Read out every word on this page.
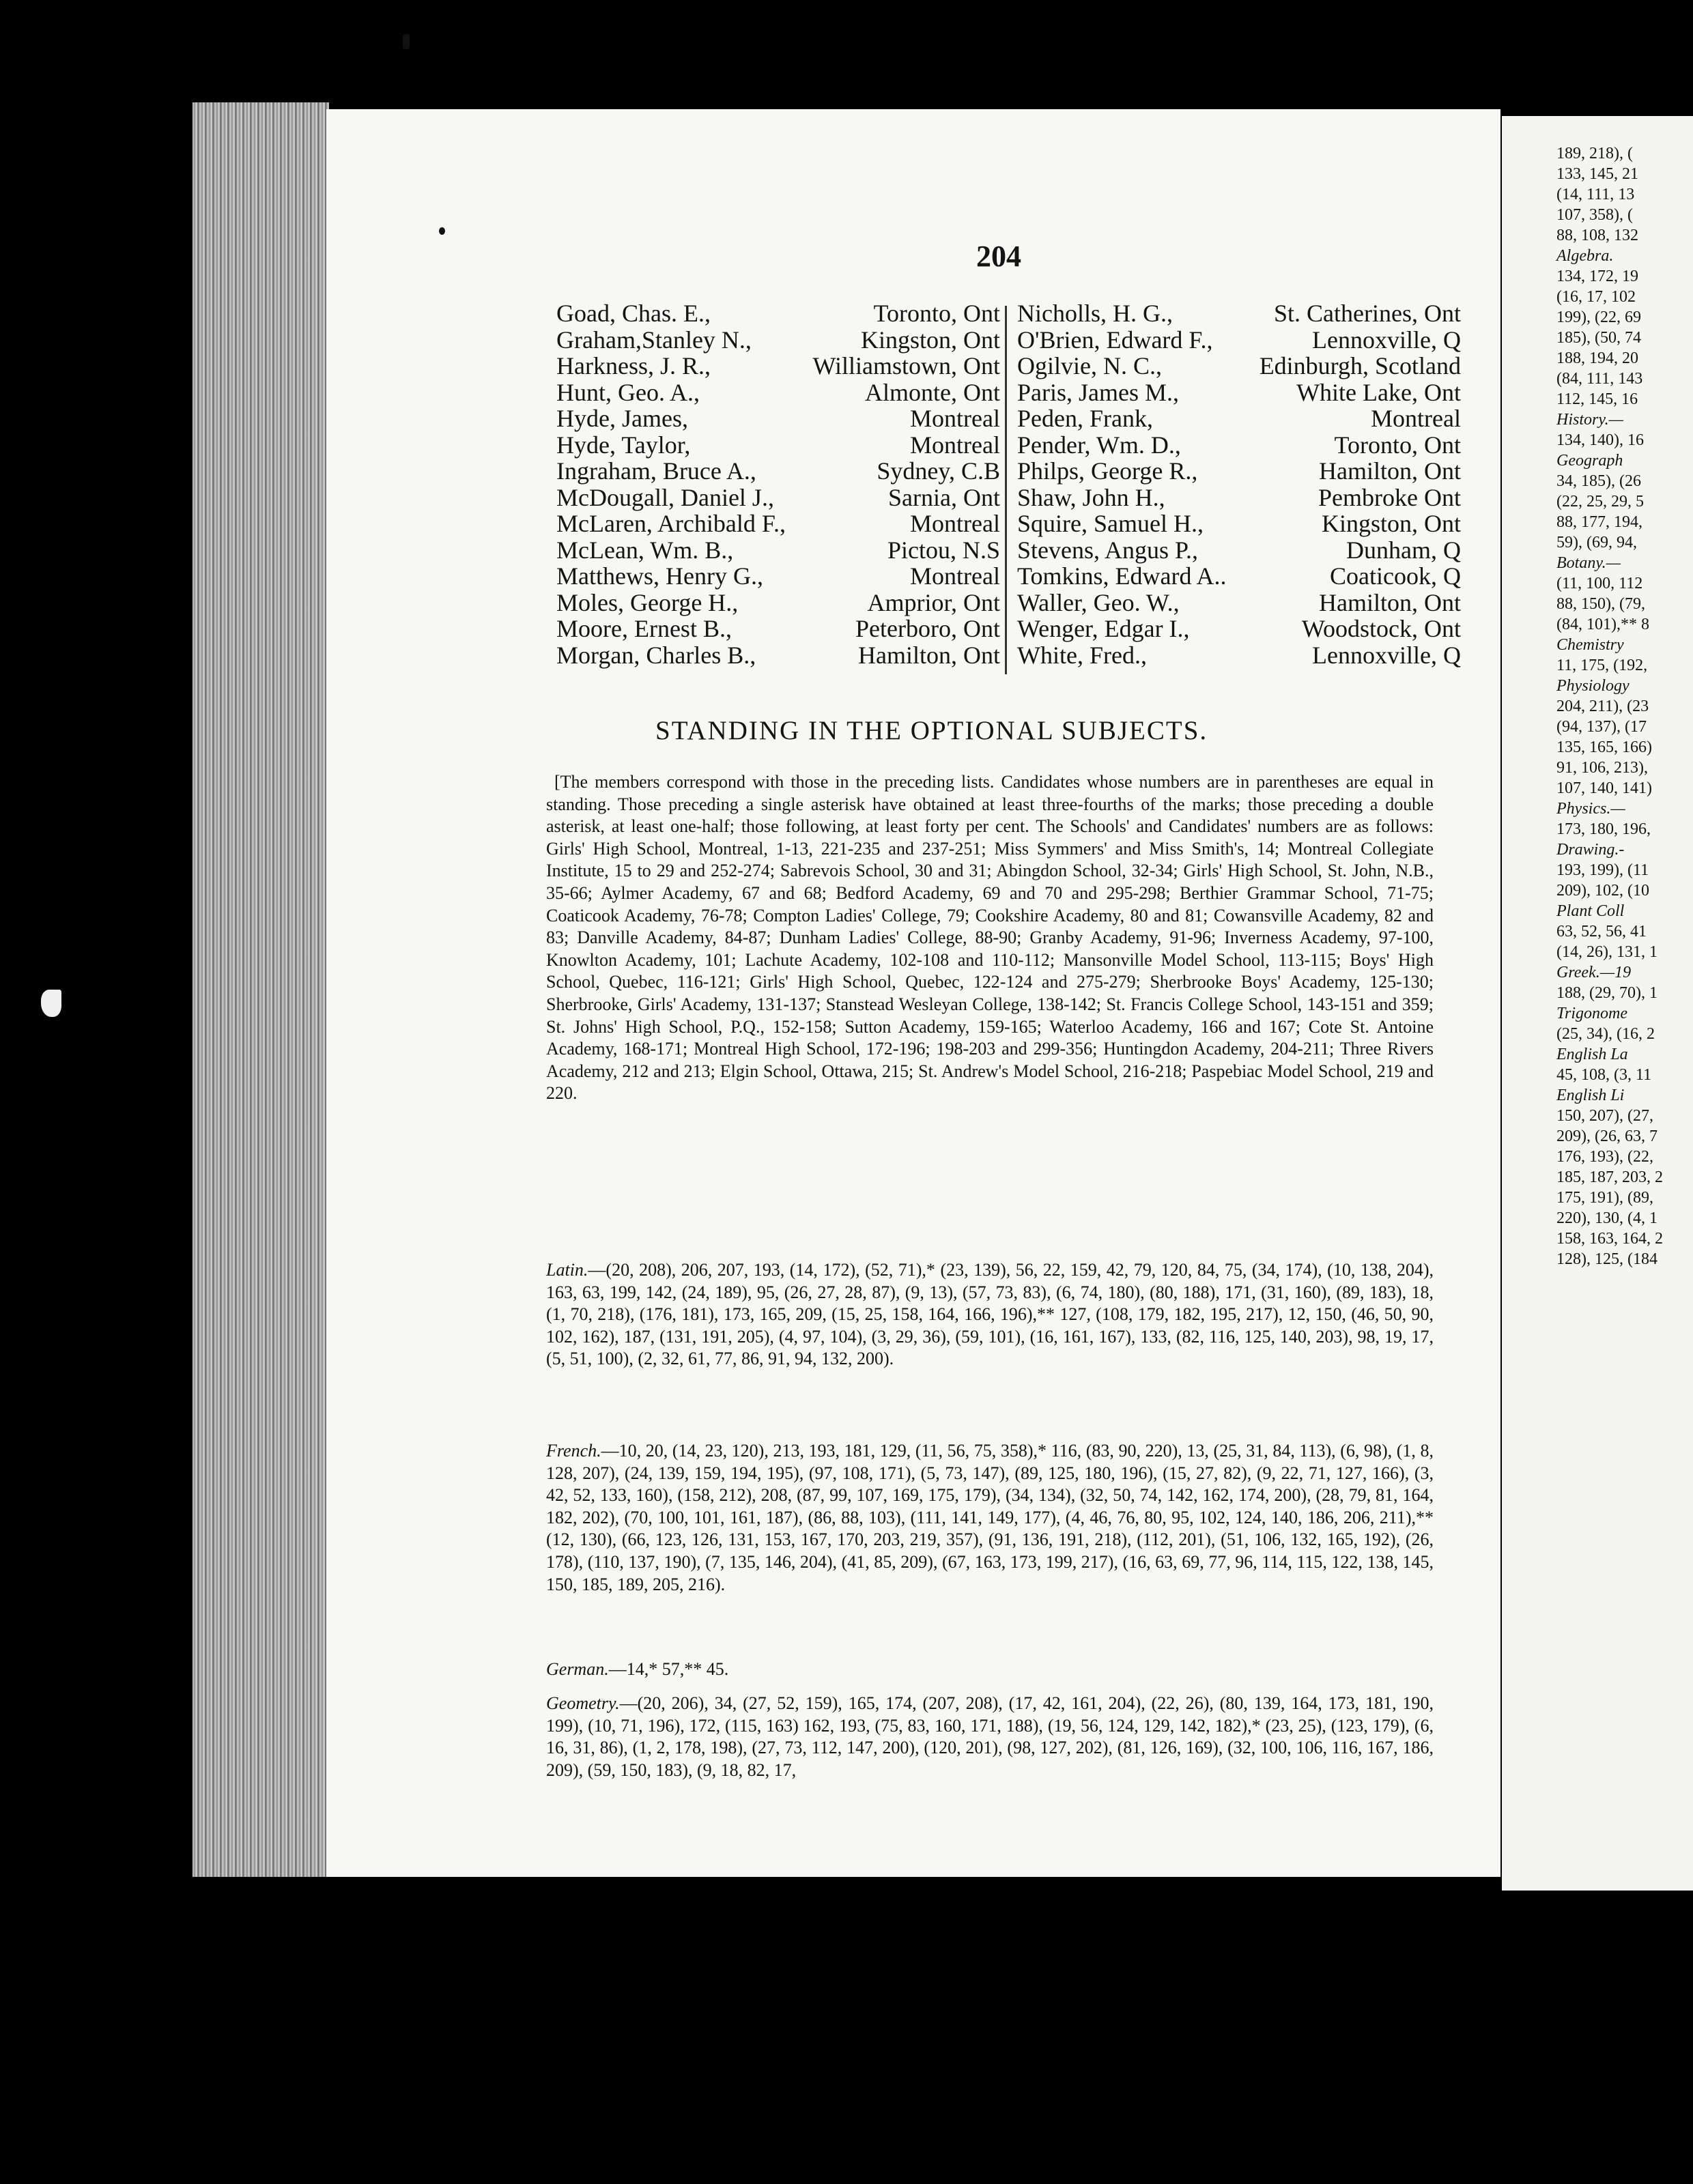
189, 218), (
133, 145, 21
(14, 111, 13
107, 358), (
88, 108, 132
Algebra.
134, 172, 19
(16, 17, 102
199), (22, 69
185), (50, 74
188, 194, 20
(84, 111, 143
112, 145, 16
History.—
134, 140), 16
Geograph
34, 185), (26
(22, 25, 29, 5
88, 177, 194,
59), (69, 94,
Botany.—
(11, 100, 112
88, 150), (79,
(84, 101),** 8
Chemistry
11, 175, (192,
Physiology
204, 211), (23
(94, 137), (17
135, 165, 166)
91, 106, 213),
107, 140, 141)
Physics.—
173, 180, 196,
Drawing.-
193, 199), (11
209), 102, (10
Plant Coll
63, 52, 56, 41
(14, 26), 131, 1
Greek.—19
188, (29, 70), 1
Trigonome
(25, 34), (16, 2
English La
45, 108, (3, 11
English Li
150, 207), (27,
209), (26, 63, 7
176, 193), (22,
185, 187, 203, 2
175, 191), (89,
220), 130, (4, 1
158, 163, 164, 2
128), 125, (184
204
Goad, Chas. E.,	Toronto, Ont
Graham,Stanley N.,	Kingston, Ont
Harkness, J. R.,	Williamstown, Ont
Hunt, Geo. A.,	Almonte, Ont
Hyde, James,	Montreal
Hyde, Taylor,	Montreal
Ingraham, Bruce A.,	Sydney, C.B
McDougall, Daniel J.,	Sarnia, Ont
McLaren, Archibald F.,	Montreal
McLean, Wm. B.,	Pictou, N.S
Matthews, Henry G.,	Montreal
Moles, George H.,	Amprior, Ont
Moore, Ernest B.,	Peterboro, Ont
Morgan, Charles B.,	Hamilton, Ont
Nicholls, H. G.,	St. Catherines, Ont
O'Brien, Edward F.,	Lennoxville, Q
Ogilvie, N. C.,	Edinburgh, Scotland
Paris, James M.,	White Lake, Ont
Peden, Frank,	Montreal
Pender, Wm. D.,	Toronto, Ont
Philps, George R.,	Hamilton, Ont
Shaw, John H.,	Pembroke Ont
Squire, Samuel H.,	Kingston, Ont
Stevens, Angus P.,	Dunham, Q
Tomkins, Edward A..	Coaticook, Q
Waller, Geo. W.,	Hamilton, Ont
Wenger, Edgar I.,	Woodstock, Ont
White, Fred.,	Lennoxville, Q
STANDING IN THE OPTIONAL SUBJECTS.
[The members correspond with those in the preceding lists. Candidates whose numbers are in parentheses are equal in standing. Those preceding a single asterisk have obtained at least three-fourths of the marks; those preceding a double asterisk, at least one-half; those following, at least forty per cent. The Schools' and Candidates' numbers are as follows: Girls' High School, Montreal, 1-13, 221-235 and 237-251; Miss Symmers' and Miss Smith's, 14; Montreal Collegiate Institute, 15 to 29 and 252-274; Sabrevois School, 30 and 31; Abingdon School, 32-34; Girls' High School, St. John, N.B., 35-66; Aylmer Academy, 67 and 68; Bedford Academy, 69 and 70 and 295-298; Berthier Grammar School, 71-75; Coaticook Academy, 76-78; Compton Ladies' College, 79; Cookshire Academy, 80 and 81; Cowansville Academy, 82 and 83; Danville Academy, 84-87; Dunham Ladies' College, 88-90; Granby Academy, 91-96; Inverness Academy, 97-100, Knowlton Academy, 101; Lachute Academy, 102-108 and 110-112; Mansonville Model School, 113-115; Boys' High School, Quebec, 116-121; Girls' High School, Quebec, 122-124 and 275-279; Sherbrooke Boys' Academy, 125-130; Sherbrooke, Girls' Academy, 131-137; Stanstead Wesleyan College, 138-142; St. Francis College School, 143-151 and 359; St. Johns' High School, P.Q., 152-158; Sutton Academy, 159-165; Waterloo Academy, 166 and 167; Cote St. Antoine Academy, 168-171; Montreal High School, 172-196; 198-203 and 299-356; Huntingdon Academy, 204-211; Three Rivers Academy, 212 and 213; Elgin School, Ottawa, 215; St. Andrew's Model School, 216-218; Paspebiac Model School, 219 and 220.

Latin.—(20, 208), 206, 207, 193, (14, 172), (52, 71),* (23, 139), 56, 22, 159, 42, 79, 120, 84, 75, (34, 174), (10, 138, 204), 163, 63, 199, 142, (24, 189), 95, (26, 27, 28, 87), (9, 13), (57, 73, 83), (6, 74, 180), (80, 188), 171, (31, 160), (89, 183), 18, (1, 70, 218), (176, 181), 173, 165, 209, (15, 25, 158, 164, 166, 196),** 127, (108, 179, 182, 195, 217), 12, 150, (46, 50, 90, 102, 162), 187, (131, 191, 205), (4, 97, 104), (3, 29, 36), (59, 101), (16, 161, 167), 133, (82, 116, 125, 140, 203), 98, 19, 17, (5, 51, 100), (2, 32, 61, 77, 86, 91, 94, 132, 200).

French.—10, 20, (14, 23, 120), 213, 193, 181, 129, (11, 56, 75, 358),* 116, (83, 90, 220), 13, (25, 31, 84, 113), (6, 98), (1, 8, 128, 207), (24, 139, 159, 194, 195), (97, 108, 171), (5, 73, 147), (89, 125, 180, 196), (15, 27, 82), (9, 22, 71, 127, 166), (3, 42, 52, 133, 160), (158, 212), 208, (87, 99, 107, 169, 175, 179), (34, 134), (32, 50, 74, 142, 162, 174, 200), (28, 79, 81, 164, 182, 202), (70, 100, 101, 161, 187), (86, 88, 103), (111, 141, 149, 177), (4, 46, 76, 80, 95, 102, 124, 140, 186, 206, 211),** (12, 130), (66, 123, 126, 131, 153, 167, 170, 203, 219, 357), (91, 136, 191, 218), (112, 201), (51, 106, 132, 165, 192), (26, 178), (110, 137, 190), (7, 135, 146, 204), (41, 85, 209), (67, 163, 173, 199, 217), (16, 63, 69, 77, 96, 114, 115, 122, 138, 145, 150, 185, 189, 205, 216).

German.—14,* 57,** 45.

Geometry.—(20, 206), 34, (27, 52, 159), 165, 174, (207, 208), (17, 42, 161, 204), (22, 26), (80, 139, 164, 173, 181, 190, 199), (10, 71, 196), 172, (115, 163) 162, 193, (75, 83, 160, 171, 188), (19, 56, 124, 129, 142, 182),* (23, 25), (123, 179), (6, 16, 31, 86), (1, 2, 178, 198), (27, 73, 112, 147, 200), (120, 201), (98, 127, 202), (81, 126, 169), (32, 100, 106, 116, 167, 186, 209), (59, 150, 183), (9, 18, 82, 17,
